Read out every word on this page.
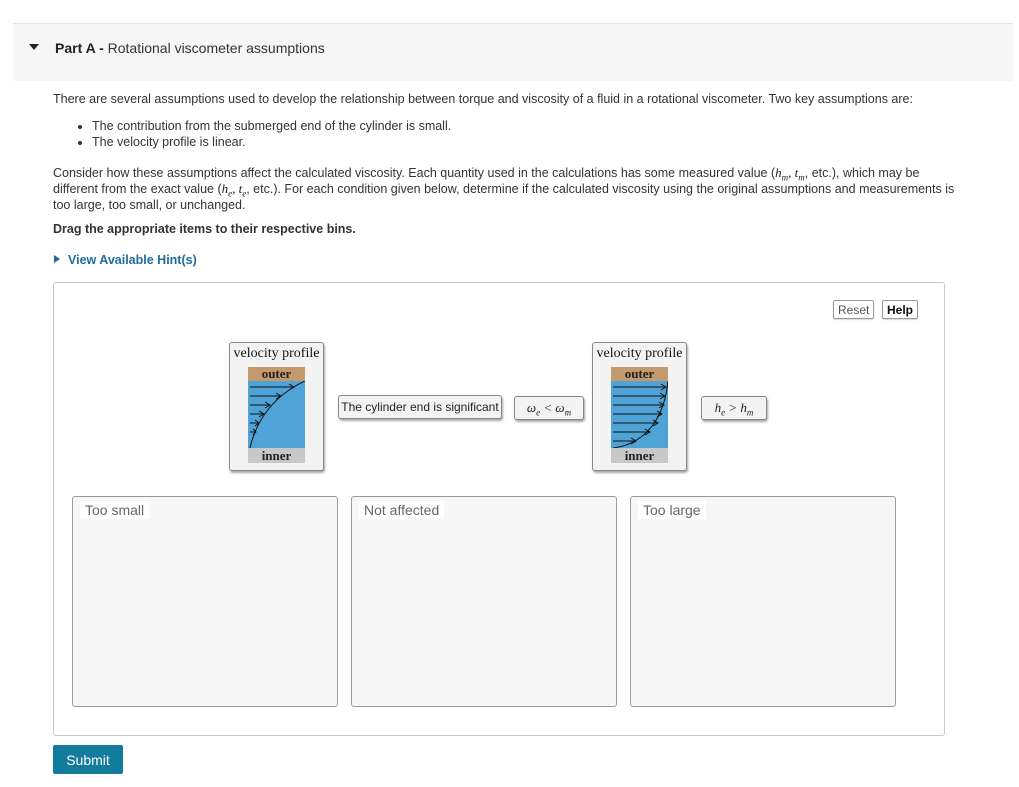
Part A - Rotational viscometer assumptions
There are several assumptions used to develop the relationship between torque and viscosity of a fluid in a rotational viscometer. Two key assumptions are:
• The contribution from the submerged end of the cylinder is small.
• The velocity profile is linear.
Consider how these assumptions affect the calculated viscosity. Each quantity used in the calculations has some measured value ($h_m$, $t_m$, etc.), which may be
different from the exact value ($h_e$, $t_e$, etc.). For each condition given below, determine if the calculated viscosity using the original assumptions and measurements is
too large, too small, or unchanged.
Drag the appropriate items to their respective bins.
View Available Hint(s)
Reset	Help
velocity profile
outer
inner
The cylinder end is significant	$\omega_e < \omega_m$
velocity profile
outer
inner
$h_e > h_m$
Too small	Not affected	Too large
Submit
